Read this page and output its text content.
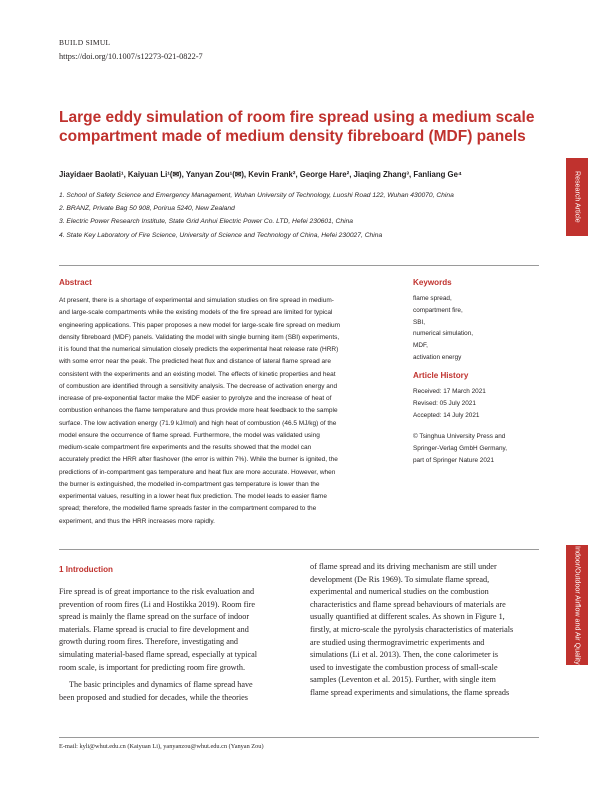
BUILD SIMUL
https://doi.org/10.1007/s12273-021-0822-7
Large eddy simulation of room fire spread using a medium scale
compartment made of medium density fibreboard (MDF) panels
Jiayidaer Baolati¹, Kaiyuan Li¹(✉), Yanyan Zou¹(✉), Kevin Frank², George Hare², Jiaqing Zhang³, Fanliang Ge⁴
1. School of Safety Science and Emergency Management, Wuhan University of Technology, Luoshi Road 122, Wuhan 430070, China
2. BRANZ, Private Bag 50 908, Porirua 5240, New Zealand
3. Electric Power Research Institute, State Grid Anhui Electric Power Co. LTD, Hefei 230601, China
4. State Key Laboratory of Fire Science, University of Science and Technology of China, Hefei 230027, China
Abstract
At present, there is a shortage of experimental and simulation studies on fire spread in medium-
and large-scale compartments while the existing models of the fire spread are limited for typical
engineering applications. This paper proposes a new model for large-scale fire spread on medium
density fibreboard (MDF) panels. Validating the model with single burning item (SBI) experiments,
it is found that the numerical simulation closely predicts the experimental heat release rate (HRR)
with some error near the peak. The predicted heat flux and distance of lateral flame spread are
consistent with the experiments and an existing model. The effects of kinetic properties and heat
of combustion are identified through a sensitivity analysis. The decrease of activation energy and
increase of pre-exponential factor make the MDF easier to pyrolyze and the increase of heat of
combustion enhances the flame temperature and thus provide more heat feedback to the sample
surface. The low activation energy (71.9 kJ/mol) and high heat of combustion (46.5 MJ/kg) of the
model ensure the occurrence of flame spread. Furthermore, the model was validated using
medium-scale compartment fire experiments and the results showed that the model can
accurately predict the HRR after flashover (the error is within 7%). While the burner is ignited, the
predictions of in-compartment gas temperature and heat flux are more accurate. However, when
the burner is extinguished, the modelled in-compartment gas temperature is lower than the
experimental values, resulting in a lower heat flux prediction. The model leads to easier flame
spread; therefore, the modelled flame spreads faster in the compartment compared to the
experiment, and thus the HRR increases more rapidly.
Keywords
flame spread,
compartment fire,
SBI,
numerical simulation,
MDF,
activation energy
Article History
Received: 17 March 2021
Revised: 05 July 2021
Accepted: 14 July 2021
© Tsinghua University Press and
Springer-Verlag GmbH Germany,
part of Springer Nature 2021
Research Article
Indoor/Outdoor Airflow and Air Quality
1 Introduction
Fire spread is of great importance to the risk evaluation and
prevention of room fires (Li and Hostikka 2019). Room fire
spread is mainly the flame spread on the surface of indoor
materials. Flame spread is crucial to fire development and
growth during room fires. Therefore, investigating and
simulating material-based flame spread, especially at typical
room scale, is important for predicting room fire growth.
The basic principles and dynamics of flame spread have
been proposed and studied for decades, while the theories
of flame spread and its driving mechanism are still under
development (De Ris 1969). To simulate flame spread,
experimental and numerical studies on the combustion
characteristics and flame spread behaviours of materials are
usually quantified at different scales. As shown in Figure 1,
firstly, at micro-scale the pyrolysis characteristics of materials
are studied using thermogravimetric experiments and
simulations (Li et al. 2013). Then, the cone calorimeter is
used to investigate the combustion process of small-scale
samples (Leventon et al. 2015). Further, with single item
flame spread experiments and simulations, the flame spreads
E-mail: kyli@whut.edu.cn (Kaiyuan Li), yanyanzou@whut.edu.cn (Yanyan Zou)
